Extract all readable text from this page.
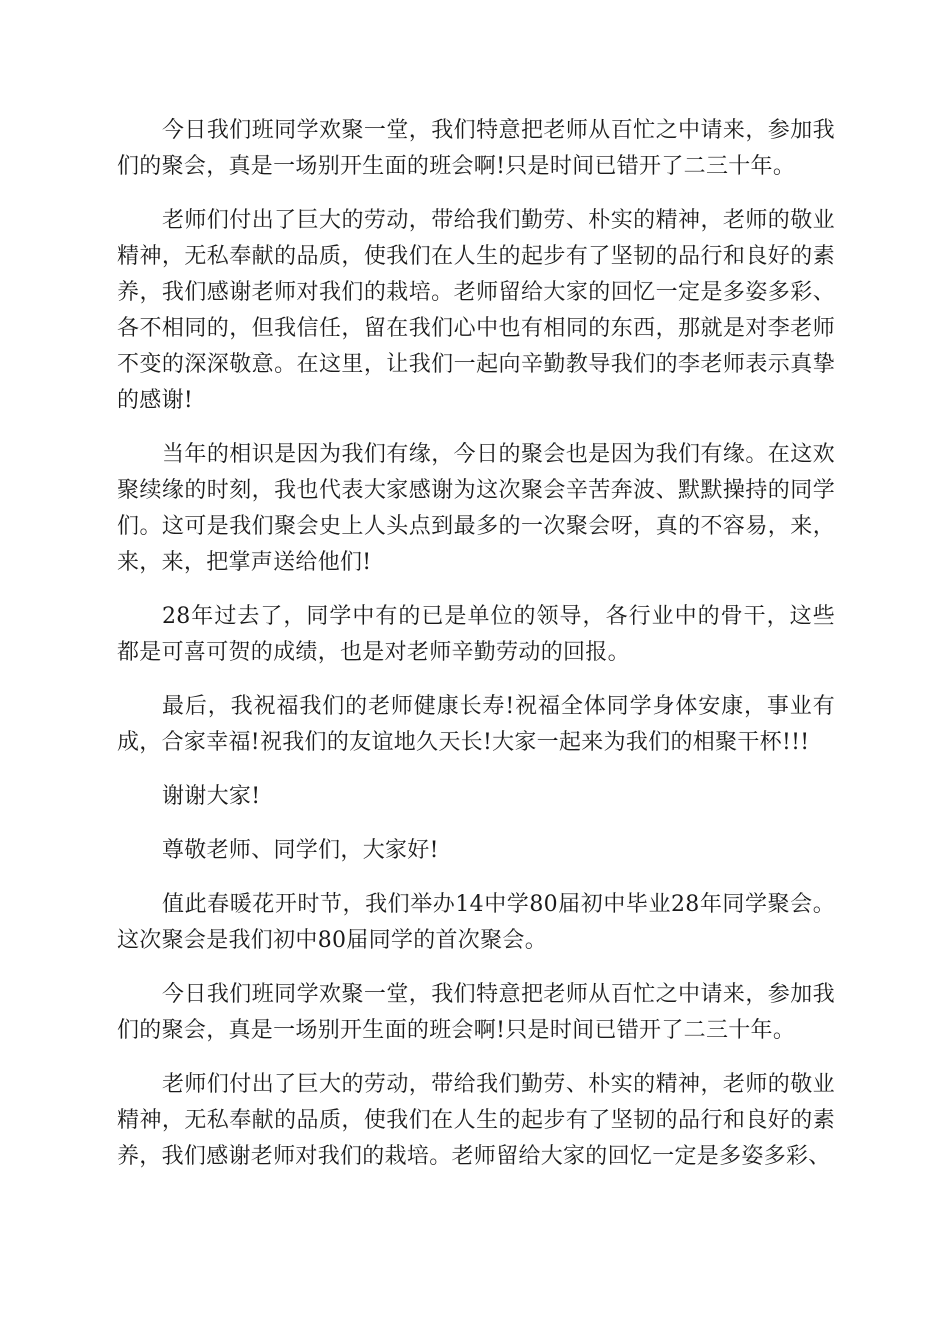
今日我们班同学欢聚一堂，我们特意把老师从百忙之中请来，参加我们的聚会，真是一场别开生面的班会啊!只是时间已错开了二三十年。

老师们付出了巨大的劳动，带给我们勤劳、朴实的精神，老师的敬业精神，无私奉献的品质，使我们在人生的起步有了坚韧的品行和良好的素养，我们感谢老师对我们的栽培。老师留给大家的回忆一定是多姿多彩、各不相同的，但我信任，留在我们心中也有相同的东西，那就是对李老师不变的深深敬意。在这里，让我们一起向辛勤教导我们的李老师表示真挚的感谢!

当年的相识是因为我们有缘，今日的聚会也是因为我们有缘。在这欢聚续缘的时刻，我也代表大家感谢为这次聚会辛苦奔波、默默操持的同学们。这可是我们聚会史上人头点到最多的一次聚会呀，真的不容易，来，来，来，把掌声送给他们!

28年过去了，同学中有的已是单位的领导，各行业中的骨干，这些都是可喜可贺的成绩，也是对老师辛勤劳动的回报。

最后，我祝福我们的老师健康长寿!祝福全体同学身体安康，事业有成，合家幸福!祝我们的友谊地久天长!大家一起来为我们的相聚干杯!!!

谢谢大家!

尊敬老师、同学们，大家好!

值此春暖花开时节，我们举办14中学80届初中毕业28年同学聚会。这次聚会是我们初中80届同学的首次聚会。

今日我们班同学欢聚一堂，我们特意把老师从百忙之中请来，参加我们的聚会，真是一场别开生面的班会啊!只是时间已错开了二三十年。

老师们付出了巨大的劳动，带给我们勤劳、朴实的精神，老师的敬业精神，无私奉献的品质，使我们在人生的起步有了坚韧的品行和良好的素养，我们感谢老师对我们的栽培。老师留给大家的回忆一定是多姿多彩、
